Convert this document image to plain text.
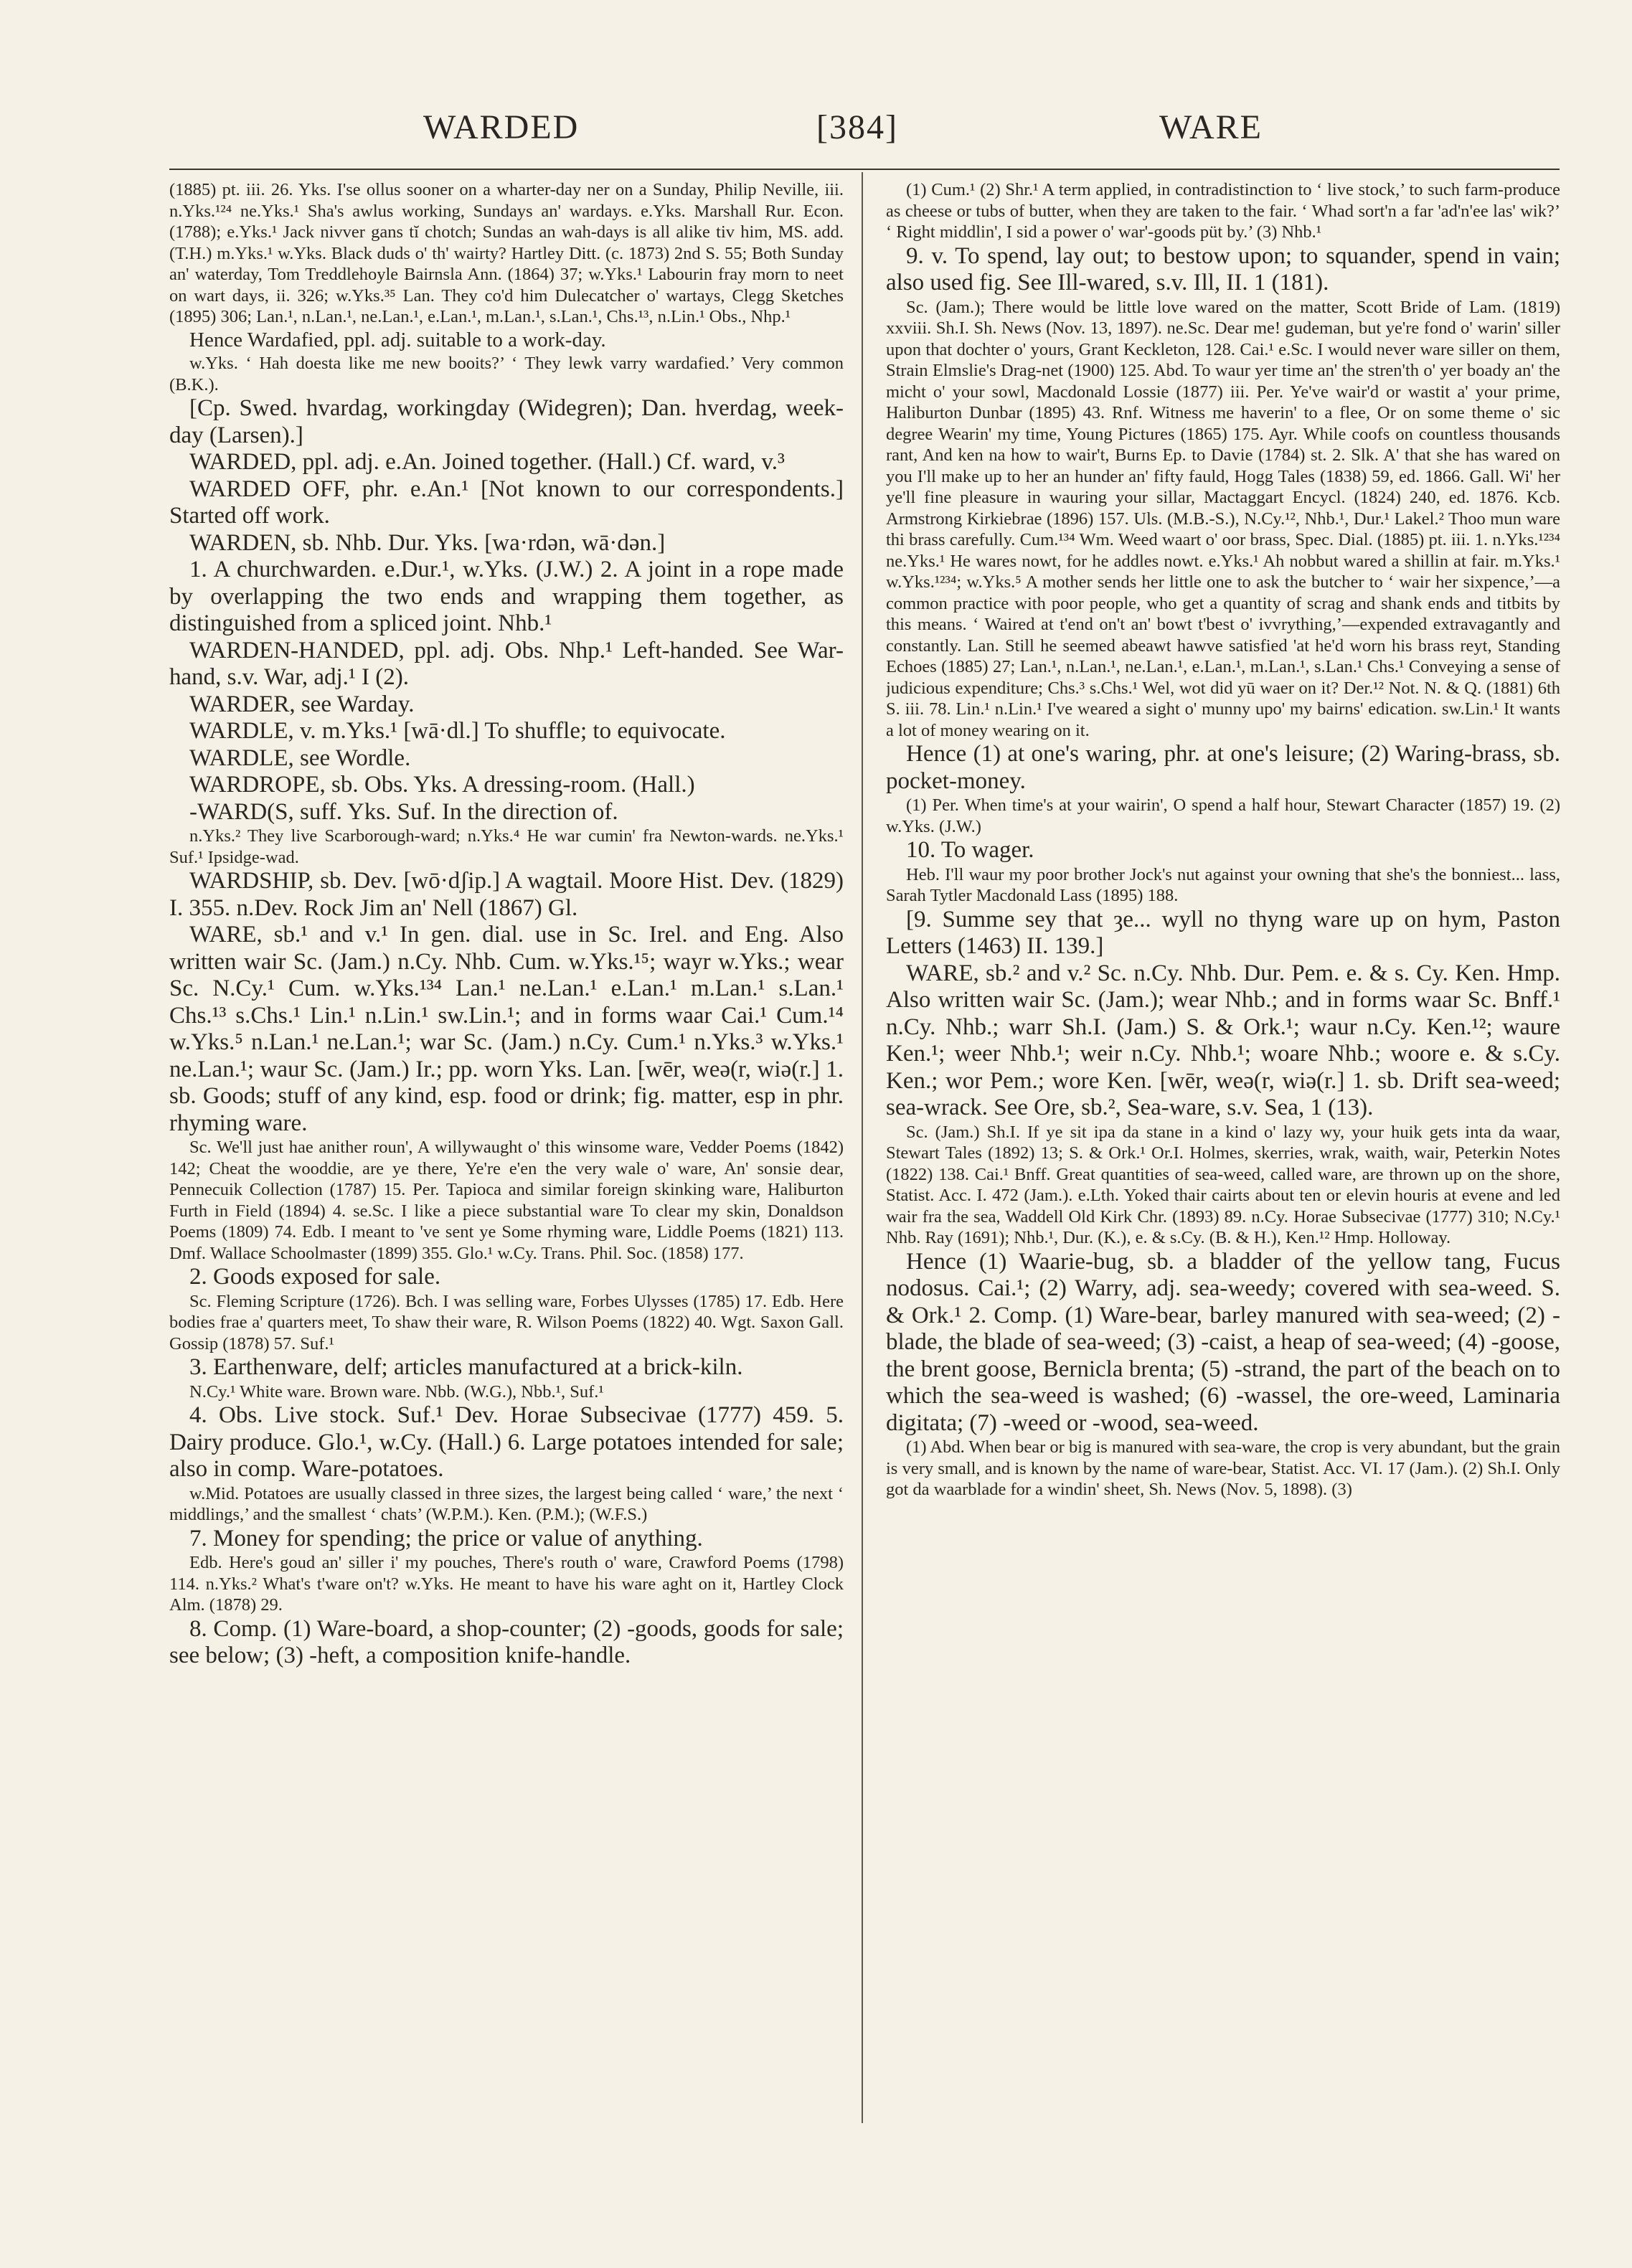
WARDED	[384]	WARE

(1885) pt. iii. 26. Yks. I'se ollus sooner on a wharter-day ner on a Sunday, Philip Neville, iii. n.Yks.¹²⁴ ne.Yks.¹ Sha's awlus working, Sundays an' wardays. e.Yks. Marshall Rur. Econ. (1788); e.Yks.¹ Jack nivver gans tĭ chotch; Sundas an wah-days is all alike tiv him, MS. add. (T.H.) m.Yks.¹ w.Yks. Black duds o' th' wairty? Hartley Ditt. (c. 1873) 2nd S. 55; Both Sunday an' waterday, Tom Treddlehoyle Bairnsla Ann. (1864) 37; w.Yks.¹ Labourin fray morn to neet on wart days, ii. 326; w.Yks.³⁵ Lan. They co'd him Dulecatcher o' wartays, Clegg Sketches (1895) 306; Lan.¹, n.Lan.¹, ne.Lan.¹, e.Lan.¹, m.Lan.¹, s.Lan.¹, Chs.¹³, n.Lin.¹ Obs., Nhp.¹

Hence Wardafied, ppl. adj. suitable to a work-day.

w.Yks. ‘ Hah doesta like me new booits?’ ‘ They lewk varry wardafied.’ Very common (B.K.).

[Cp. Swed. hvardag, workingday (Widegren); Dan. hverdag, week-day (Larsen).]

WARDED, ppl. adj. e.An. Joined together. (Hall.) Cf. ward, v.³

WARDED OFF, phr. e.An.¹ [Not known to our correspondents.] Started off work.

WARDEN, sb. Nhb. Dur. Yks. [wa·rdən, wā·dən.]

1. A churchwarden. e.Dur.¹, w.Yks. (J.W.) 2. A joint in a rope made by overlapping the two ends and wrapping them together, as distinguished from a spliced joint. Nhb.¹

WARDEN-HANDED, ppl. adj. Obs. Nhp.¹ Left-handed. See War-hand, s.v. War, adj.¹ I (2).

WARDER, see Warday.

WARDLE, v. m.Yks.¹ [wā·dl.] To shuffle; to equivocate.

WARDLE, see Wordle.

WARDROPE, sb. Obs. Yks. A dressing-room. (Hall.)

-WARD(S, suff. Yks. Suf. In the direction of.

n.Yks.² They live Scarborough-ward; n.Yks.⁴ He war cumin' fra Newton-wards. ne.Yks.¹ Suf.¹ Ipsidge-wad.

WARDSHIP, sb. Dev. [wō·dʃip.] A wagtail. Moore Hist. Dev. (1829) I. 355. n.Dev. Rock Jim an' Nell (1867) Gl.

WARE, sb.¹ and v.¹ In gen. dial. use in Sc. Irel. and Eng. Also written wair Sc. (Jam.) n.Cy. Nhb. Cum. w.Yks.¹⁵; wayr w.Yks.; wear Sc. N.Cy.¹ Cum. w.Yks.¹³⁴ Lan.¹ ne.Lan.¹ e.Lan.¹ m.Lan.¹ s.Lan.¹ Chs.¹³ s.Chs.¹ Lin.¹ n.Lin.¹ sw.Lin.¹; and in forms waar Cai.¹ Cum.¹⁴ w.Yks.⁵ n.Lan.¹ ne.Lan.¹; war Sc. (Jam.) n.Cy. Cum.¹ n.Yks.³ w.Yks.¹ ne.Lan.¹; waur Sc. (Jam.) Ir.; pp. worn Yks. Lan. [wēr, weə(r, wiə(r.] 1. sb. Goods; stuff of any kind, esp. food or drink; fig. matter, esp in phr. rhyming ware.

Sc. We'll just hae anither roun', A willywaught o' this winsome ware, Vedder Poems (1842) 142; Cheat the wooddie, are ye there, Ye're e'en the very wale o' ware, An' sonsie dear, Pennecuik Collection (1787) 15. Per. Tapioca and similar foreign skinking ware, Haliburton Furth in Field (1894) 4. se.Sc. I like a piece substantial ware To clear my skin, Donaldson Poems (1809) 74. Edb. I meant to 've sent ye Some rhyming ware, Liddle Poems (1821) 113. Dmf. Wallace Schoolmaster (1899) 355. Glo.¹ w.Cy. Trans. Phil. Soc. (1858) 177.

2. Goods exposed for sale.

Sc. Fleming Scripture (1726). Bch. I was selling ware, Forbes Ulysses (1785) 17. Edb. Here bodies frae a' quarters meet, To shaw their ware, R. Wilson Poems (1822) 40. Wgt. Saxon Gall. Gossip (1878) 57. Suf.¹

3. Earthenware, delf; articles manufactured at a brick-kiln.

N.Cy.¹ White ware. Brown ware. Nbb. (W.G.), Nbb.¹, Suf.¹

4. Obs. Live stock. Suf.¹ Dev. Horae Subsecivae (1777) 459. 5. Dairy produce. Glo.¹, w.Cy. (Hall.) 6. Large potatoes intended for sale; also in comp. Ware-potatoes.

w.Mid. Potatoes are usually classed in three sizes, the largest being called ‘ ware,’ the next ‘ middlings,’ and the smallest ‘ chats’ (W.P.M.). Ken. (P.M.); (W.F.S.)

7. Money for spending; the price or value of anything.

Edb. Here's goud an' siller i' my pouches, There's routh o' ware, Crawford Poems (1798) 114. n.Yks.² What's t'ware on't? w.Yks. He meant to have his ware aght on it, Hartley Clock Alm. (1878) 29.

8. Comp. (1) Ware-board, a shop-counter; (2) -goods, goods for sale; see below; (3) -heft, a composition knife-handle.

(1) Cum.¹ (2) Shr.¹ A term applied, in contradistinction to ‘ live stock,’ to such farm-produce as cheese or tubs of butter, when they are taken to the fair. ‘ Whad sort'n a far 'ad'n'ee las' wik?’ ‘ Right middlin', I sid a power o' war'-goods püt by.’ (3) Nhb.¹

9. v. To spend, lay out; to bestow upon; to squander, spend in vain; also used fig. See Ill-wared, s.v. Ill, II. 1 (181).

Sc. (Jam.); There would be little love wared on the matter, Scott Bride of Lam. (1819) xxviii. Sh.I. Sh. News (Nov. 13, 1897). ne.Sc. Dear me! gudeman, but ye're fond o' warin' siller upon that dochter o' yours, Grant Keckleton, 128. Cai.¹ e.Sc. I would never ware siller on them, Strain Elmslie's Drag-net (1900) 125. Abd. To waur yer time an' the stren'th o' yer boady an' the micht o' your sowl, Macdonald Lossie (1877) iii. Per. Ye've wair'd or wastit a' your prime, Haliburton Dunbar (1895) 43. Rnf. Witness me haverin' to a flee, Or on some theme o' sic degree Wearin' my time, Young Pictures (1865) 175. Ayr. While coofs on countless thousands rant, And ken na how to wair't, Burns Ep. to Davie (1784) st. 2. Slk. A' that she has wared on you I'll make up to her an hunder an' fifty fauld, Hogg Tales (1838) 59, ed. 1866. Gall. Wi' her ye'll fine pleasure in wauring your sillar, Mactaggart Encycl. (1824) 240, ed. 1876. Kcb. Armstrong Kirkiebrae (1896) 157. Uls. (M.B.-S.), N.Cy.¹², Nhb.¹, Dur.¹ Lakel.² Thoo mun ware thi brass carefully. Cum.¹³⁴ Wm. Weed waart o' oor brass, Spec. Dial. (1885) pt. iii. 1. n.Yks.¹²³⁴ ne.Yks.¹ He wares nowt, for he addles nowt. e.Yks.¹ Ah nobbut wared a shillin at fair. m.Yks.¹ w.Yks.¹²³⁴; w.Yks.⁵ A mother sends her little one to ask the butcher to ‘ wair her sixpence,’—a common practice with poor people, who get a quantity of scrag and shank ends and titbits by this means. ‘ Waired at t'end on't an' bowt t'best o' ivvrything,’—expended extravagantly and constantly. Lan. Still he seemed abeawt hawve satisfied 'at he'd worn his brass reyt, Standing Echoes (1885) 27; Lan.¹, n.Lan.¹, ne.Lan.¹, e.Lan.¹, m.Lan.¹, s.Lan.¹ Chs.¹ Conveying a sense of judicious expenditure; Chs.³ s.Chs.¹ Wel, wot did yū waer on it? Der.¹² Not. N. & Q. (1881) 6th S. iii. 78. Lin.¹ n.Lin.¹ I've weared a sight o' munny upo' my bairns' edication. sw.Lin.¹ It wants a lot of money wearing on it.

Hence (1) at one's waring, phr. at one's leisure; (2) Waring-brass, sb. pocket-money.

(1) Per. When time's at your wairin', O spend a half hour, Stewart Character (1857) 19. (2) w.Yks. (J.W.)

10. To wager.

Heb. I'll waur my poor brother Jock's nut against your owning that she's the bonniest... lass, Sarah Tytler Macdonald Lass (1895) 188.

[9. Summe sey that ȝe... wyll no thyng ware up on hym, Paston Letters (1463) II. 139.]

WARE, sb.² and v.² Sc. n.Cy. Nhb. Dur. Pem. e. & s. Cy. Ken. Hmp. Also written wair Sc. (Jam.); wear Nhb.; and in forms waar Sc. Bnff.¹ n.Cy. Nhb.; warr Sh.I. (Jam.) S. & Ork.¹; waur n.Cy. Ken.¹²; waure Ken.¹; weer Nhb.¹; weir n.Cy. Nhb.¹; woare Nhb.; woore e. & s.Cy. Ken.; wor Pem.; wore Ken. [wēr, weə(r, wiə(r.] 1. sb. Drift sea-weed; sea-wrack. See Ore, sb.², Sea-ware, s.v. Sea, 1 (13).

Sc. (Jam.) Sh.I. If ye sit ipa da stane in a kind o' lazy wy, your huik gets inta da waar, Stewart Tales (1892) 13; S. & Ork.¹ Or.I. Holmes, skerries, wrak, waith, wair, Peterkin Notes (1822) 138. Cai.¹ Bnff. Great quantities of sea-weed, called ware, are thrown up on the shore, Statist. Acc. I. 472 (Jam.). e.Lth. Yoked thair cairts about ten or elevin houris at evene and led wair fra the sea, Waddell Old Kirk Chr. (1893) 89. n.Cy. Horae Subsecivae (1777) 310; N.Cy.¹ Nhb. Ray (1691); Nhb.¹, Dur. (K.), e. & s.Cy. (B. & H.), Ken.¹² Hmp. Holloway.

Hence (1) Waarie-bug, sb. a bladder of the yellow tang, Fucus nodosus. Cai.¹; (2) Warry, adj. sea-weedy; covered with sea-weed. S. & Ork.¹ 2. Comp. (1) Ware-bear, barley manured with sea-weed; (2) -blade, the blade of sea-weed; (3) -caist, a heap of sea-weed; (4) -goose, the brent goose, Bernicla brenta; (5) -strand, the part of the beach on to which the sea-weed is washed; (6) -wassel, the ore-weed, Laminaria digitata; (7) -weed or -wood, sea-weed.

(1) Abd. When bear or big is manured with sea-ware, the crop is very abundant, but the grain is very small, and is known by the name of ware-bear, Statist. Acc. VI. 17 (Jam.). (2) Sh.I. Only got da waarblade for a windin' sheet, Sh. News (Nov. 5, 1898). (3)
